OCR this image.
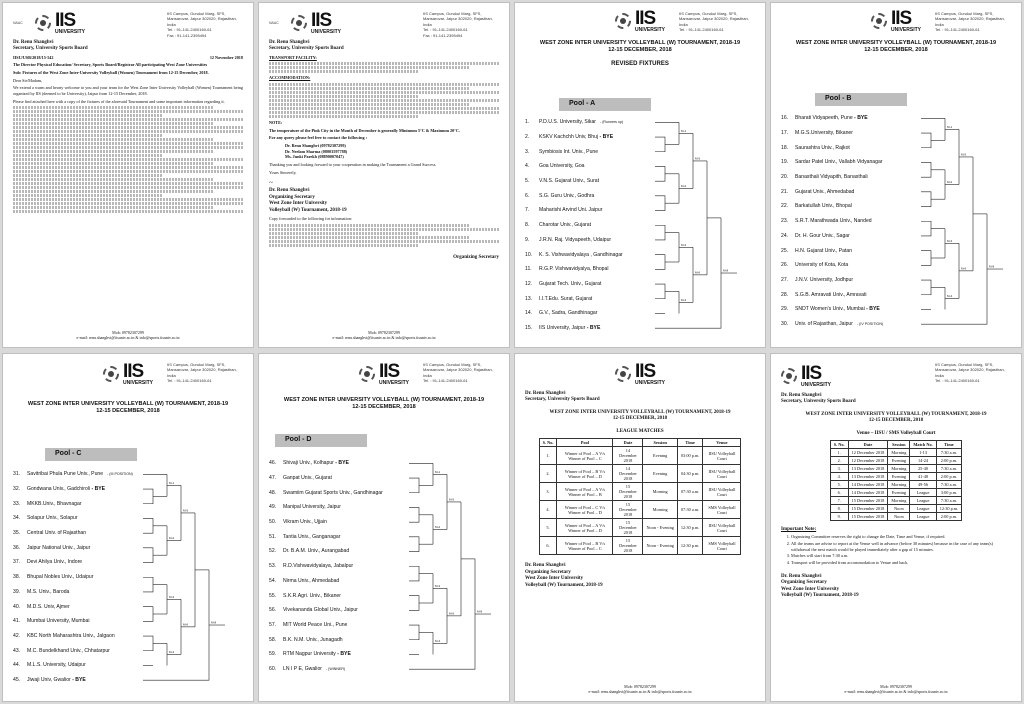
NAAC	IIS
UNIVERSITY
IIS Campus, Gurukul Marg, SFS, Mansarovar, Jaipur 302020, Rajasthan, India
Tel. : 91-141-2400160-61
Fax : 91-141-2395494
Dr. Renu Shanghvi
Secretary, University Sports Board
IISU/USB/2018/15-542	12 November 2018
The Director Physical Education/ Secretary, Sports Board/Registrar All participating West Zone Universities
Sub: Fixtures of the West Zone Inter-University Volleyball (Women) Tournament from 12-15 December, 2018.
Dear Sir/Madam,
We extend a warm and hearty welcome to you and your team for the West Zone Inter University Volleyball (Women) Tournament being organized by IIS (deemed to be University), Jaipur from 12-15 December, 2018.
Please find attached here with a copy of the fixtures of the aforesaid Tournament and some important information regarding it.
Mob: 09782307299
e-mail: renu.shanghvi@iisuniv.ac.in & info@sports.iisuniv.ac.in
NAAC	IIS
UNIVERSITY
IIS Campus, Gurukul Marg, SFS, Mansarovar, Jaipur 302020, Rajasthan, India
Tel. : 91-141-2400160-61
Fax : 91-141-2395494
Dr. Renu Shanghvi
Secretary, University Sports Board
TRANSPORT FACILITY:
ACCOMMODATION:
NOTE:
The temperature of the Pink City in the Month of December is generally Minimum 5°C & Maximum 20°C.
For any query please feel free to contact the following :
Dr. Renu Shanghvi (09782307299)
Dr. Neelam Sharma (08003597788)
Ms. Junki Parekh (08890007047)
Thanking you and looking forward to your cooperation in making the Tournament a Grand Success.
Yours Sincerely,
~
Dr. Renu Shanghvi
Organizing Secretary
West Zone Inter University
Volleyball (W) Tournament, 2018-19
Copy forwarded to the following for information:
Organizing Secretary
Mob: 09782307299
e-mail: renu.shanghvi@iisuniv.ac.in & info@sports.iisuniv.ac.in
IIS
UNIVERSITY
IIS Campus, Gurukul Marg, SFS, Mansarovar, Jaipur 302020, Rajasthan, India
Tel. : 91-141-2400160-61
WEST ZONE INTER UNIVERSITY VOLLEYBALL (W) TOURNAMENT, 2018-19
12-15 DECEMBER, 2018
REVISED FIXTURES
Pool - A
1.	P.D.U.S. University, Sikar - (Runners up)
2.	KSKV Kachchh Univ, Bhuj - BYE
3.	Symbiosis Int. Univ., Pune
4.	Goa University, Goa
5.	V.N.S. Gujarat Univ., Surat
6.	S.G. Guru Univ., Godhra
7.	Maharishi Arvind Uni. Jaipur
8.	Charotar Univ., Gujarat
9.	J.R.N. Raj. Vidyapeeth, Udaipur
10.	K. S. Vishwavidyalaya , Gandhinagar
11.	R.G.P. Vishwavidyalya, Bhopal
12.	Gujarat Tech. Univ., Gujarat
13.	I.I.T.Edu. Surat, Gujarat
14.	G.V., Sadra, Gandhinagar
15.	IIS University, Jaipur - BYE
M-1
M-2
M-3
M-4
M-5
M-6	M-8
IIS
UNIVERSITY
IIS Campus, Gurukul Marg, SFS, Mansarovar, Jaipur 302020, Rajasthan, India
Tel. : 91-141-2400160-61
WEST ZONE INTER UNIVERSITY VOLLEYBALL (W) TOURNAMENT, 2018-19
12-15 DECEMBER, 2018
Pool - B
16.	Bharati Vidyapeeth, Pune - BYE
17.	M.G.S.University, Bikaner
18.	Saurashtra Univ., Rajkot
19.	Sardar Patel Univ., Vallabh Vidyanagar
20.	Banasthali Vidyapith, Banasthali
21.	Gujarat Univ., Ahmedabad
22.	Barkatullah Univ., Bhopal
23.	S.R.T. Marathwada Univ., Nanded
24.	Dr. H. Gour Univ., Sagar
25.	H.N. Gujarat Univ., Patan
26.	University of Kota, Kota
27.	J.N.V. University, Jodhpur
28.	S.G.B. Amravati Univ., Amravati
29.	SNDT Women's Univ., Mumbai - BYE
30.	Univ. of Rajasthan, Jaipur - (IV POSITION)
M-1
M-2
M-3
M-4
M-5
M-6	M-8
IIS
UNIVERSITY
IIS Campus, Gurukul Marg, SFS, Mansarovar, Jaipur 302020, Rajasthan, India
Tel. : 91-141-2400160-61
WEST ZONE INTER UNIVERSITY VOLLEYBALL (W) TOURNAMENT, 2018-19
12-15 DECEMBER, 2018
Pool - C
31.	Savitribai Phula Pune Univ., Pune - (III POSITION)
32.	Gondwana Univ., Gadchiroli - BYE
33.	MKKB.Univ., Bhavnagar
34.	Solapur Univ., Solapur
35.	Central Univ. of Rajasthan
36.	Jaipur National Univ., Jaipur
37.	Devi Ahilya Univ., Indore
38.	Bhupal Nobles Univ., Udaipur
39.	M.S. Univ., Baroda
40.	M.D.S. Univ, Ajmer
41.	Mumbai University, Mumbai
42.	KBC North Maharashtra Univ., Jalgaon
43.	M.C. Bundelkhand Univ., Chhatarpur
44.	M.L.S. University, Udaipur
45.	Jiwaji Univ, Gwalior - BYE
M-1
M-2
M-3
M-4
M-5
M-6	M-8
IIS
UNIVERSITY
IIS Campus, Gurukul Marg, SFS, Mansarovar, Jaipur 302020, Rajasthan, India
Tel. : 91-141-2400160-61
WEST ZONE INTER UNIVERSITY VOLLEYBALL (W) TOURNAMENT, 2018-19
12-15 DECEMBER, 2018
Pool - D
46.	Shivaji Univ., Kolhapur - BYE
47.	Ganpat Univ., Gujarat
48.	Swamiim Gujarat Sports Univ., Gandhinagar
49.	Manipal University, Jaipur
50.	Vikram Univ., Ujjain
51.	Tantia Univ., Ganganagar
52.	Dr. B.A.M. Univ., Aurangabad
53.	R.D.Vishwavidyalaya, Jabalpur
54.	Nirma Univ., Ahmedabad
55.	S.K.R.Agri. Univ., Bikaner
56.	Vivekananda Global Univ., Jaipur
57.	MIT World Peace Uni., Pune
58.	B.K. N.M. Univ., Junagadh
59.	RTM Nagpur University - BYE
60.	LN I P E, Gwalior - (WINNER)
M-1
M-2
M-3
M-4
M-5
M-6	M-8
IIS
UNIVERSITY
Dr. Renu Shanghvi
Secretary, University Sports Board
WEST ZONE INTER UNIVERSITY VOLLEYBALL (W) TOURNAMENT, 2018-19
12-15 DECEMBER, 2018
LEAGUE MATCHES
S. No.	Pool	Date	Session	Time	Venue
1.	Winner of Pool – A V/s Winner of Pool – C	14 December 2018	Evening	03:00 p.m.	IISU Volleyball Court
2.	Winner of Pool – B V/s Winner of Pool – D	14 December 2018	Evening	04:30 p.m.	IISU Volleyball Court
3.	Winner of Pool – A V/s Winner of Pool – B	15 December 2018	Morning	07:30 a.m.	IISU Volleyball Court
4.	Winner of Pool – C V/s Winner of Pool – D	15 December 2018	Morning	07:30 a.m.	SMS Volleyball Court
5.	Winner of Pool – A V/s Winner of Pool – D	15 December 2018	Noon - Evening	12:30 p.m.	IISU Volleyball Court
6.	Winner of Pool – B V/s Winner of Pool – C	15 December 2018	Noon - Evening	12:30 p.m.	SMS Volleyball Court
Dr. Renu Shanghvi
Organizing Secretary
West Zone Inter University
Volleyball (W) Tournament, 2018-19
Mob: 09782307299
e-mail: renu.shanghvi@iisuniv.ac.in & info@sports.iisuniv.ac.in
IIS
UNIVERSITY
IIS Campus, Gurukul Marg, SFS, Mansarovar, Jaipur 302020, Rajasthan, India
Tel. : 91-141-2400160-61
Dr. Renu Shanghvi
Secretary, University Sports Board
WEST ZONE INTER UNIVERSITY VOLLEYBALL (W) TOURNAMENT, 2018-19
12-15 DECEMBER, 2018
Venue – IISU / SMS Volleyball Court
S. No.	Date	Session	Match No.	Time
1.	12 December 2018	Morning	1-13	7:30 a.m.
2.	12 December 2018	Evening	14-24	2:00 p.m.
3.	13 December 2018	Morning	25-40	7:30 a.m.
4.	13 December 2018	Evening	41-48	2:00 p.m.
5.	14 December 2018	Morning	49-56	7:30 a.m.
6.	14 December 2018	Evening	League	3:00 p.m.
7.	15 December 2018	Morning	League	7:30 a.m.
8.	15 December 2018	Noon	League	12:30 p.m.
9.	15 December 2018	Noon	League	2:00 p.m.
Important Note:
1. Organizing Committee reserves the right to change the Date, Time and Venue, if required.
2. All the teams are advise to report at the Venue well in advance (before 30 minutes) because in the case of any team(s) withdrawal the next match would be played immediately after a gap of 15 minutes.
3. Matches will start from 7:30 a.m.
4. Transport will be provided from accommodation to Venue and back.
Dr. Renu Shanghvi
Organizing Secretary
West Zone Inter University
Volleyball (W) Tournament, 2018-19
Mob: 09782307299
e-mail: renu.shanghvi@iisuniv.ac.in & info@sports.iisuniv.ac.in
